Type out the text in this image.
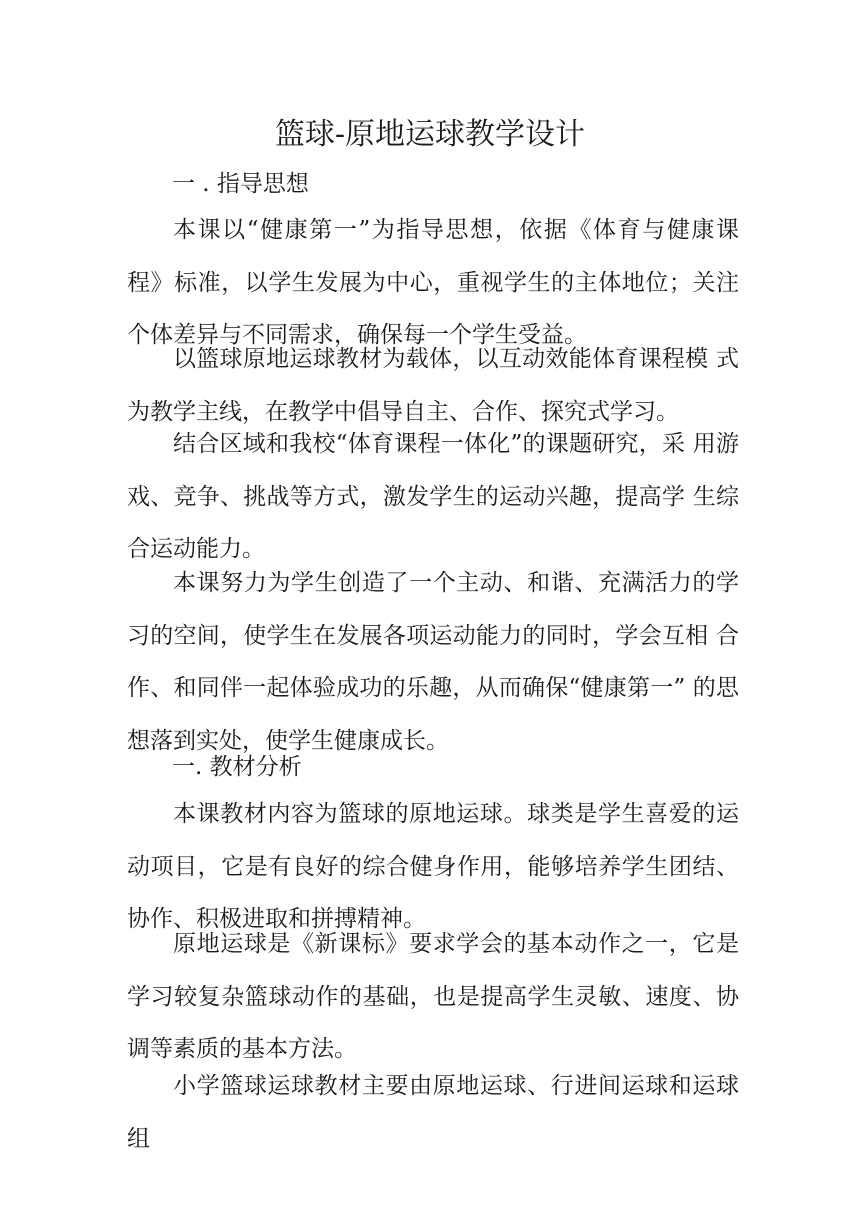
篮球-原地运球教学设计
一 . 指导思想

本课以“健康第一”为指导思想，依据《体育与健康课 程》标准，以学生发展为中心，重视学生的主体地位；关注 个体差异与不同需求，确保每一个学生受益。

以篮球原地运球教材为载体，以互动效能体育课程模 式为教学主线，在教学中倡导自主、合作、探究式学习。

结合区域和我校“体育课程一体化”的课题研究，采 用游戏、竞争、挑战等方式，激发学生的运动兴趣，提高学 生综合运动能力。

本课努力为学生创造了一个主动、和谐、充满活力的学 习的空间，使学生在发展各项运动能力的同时，学会互相 合作、和同伴一起体验成功的乐趣，从而确保“健康第一” 的思想落到实处，使学生健康成长。

一. 教材分析

本课教材内容为篮球的原地运球。球类是学生喜爱的运 动项目，它是有良好的综合健身作用，能够培养学生团结、协作、积极进取和拼搏精神。

原地运球是《新课标》要求学会的基本动作之一，它是 学习较复杂篮球动作的基础，也是提高学生灵敏、速度、协 调等素质的基本方法。

小学篮球运球教材主要由原地运球、行进间运球和运球 组
